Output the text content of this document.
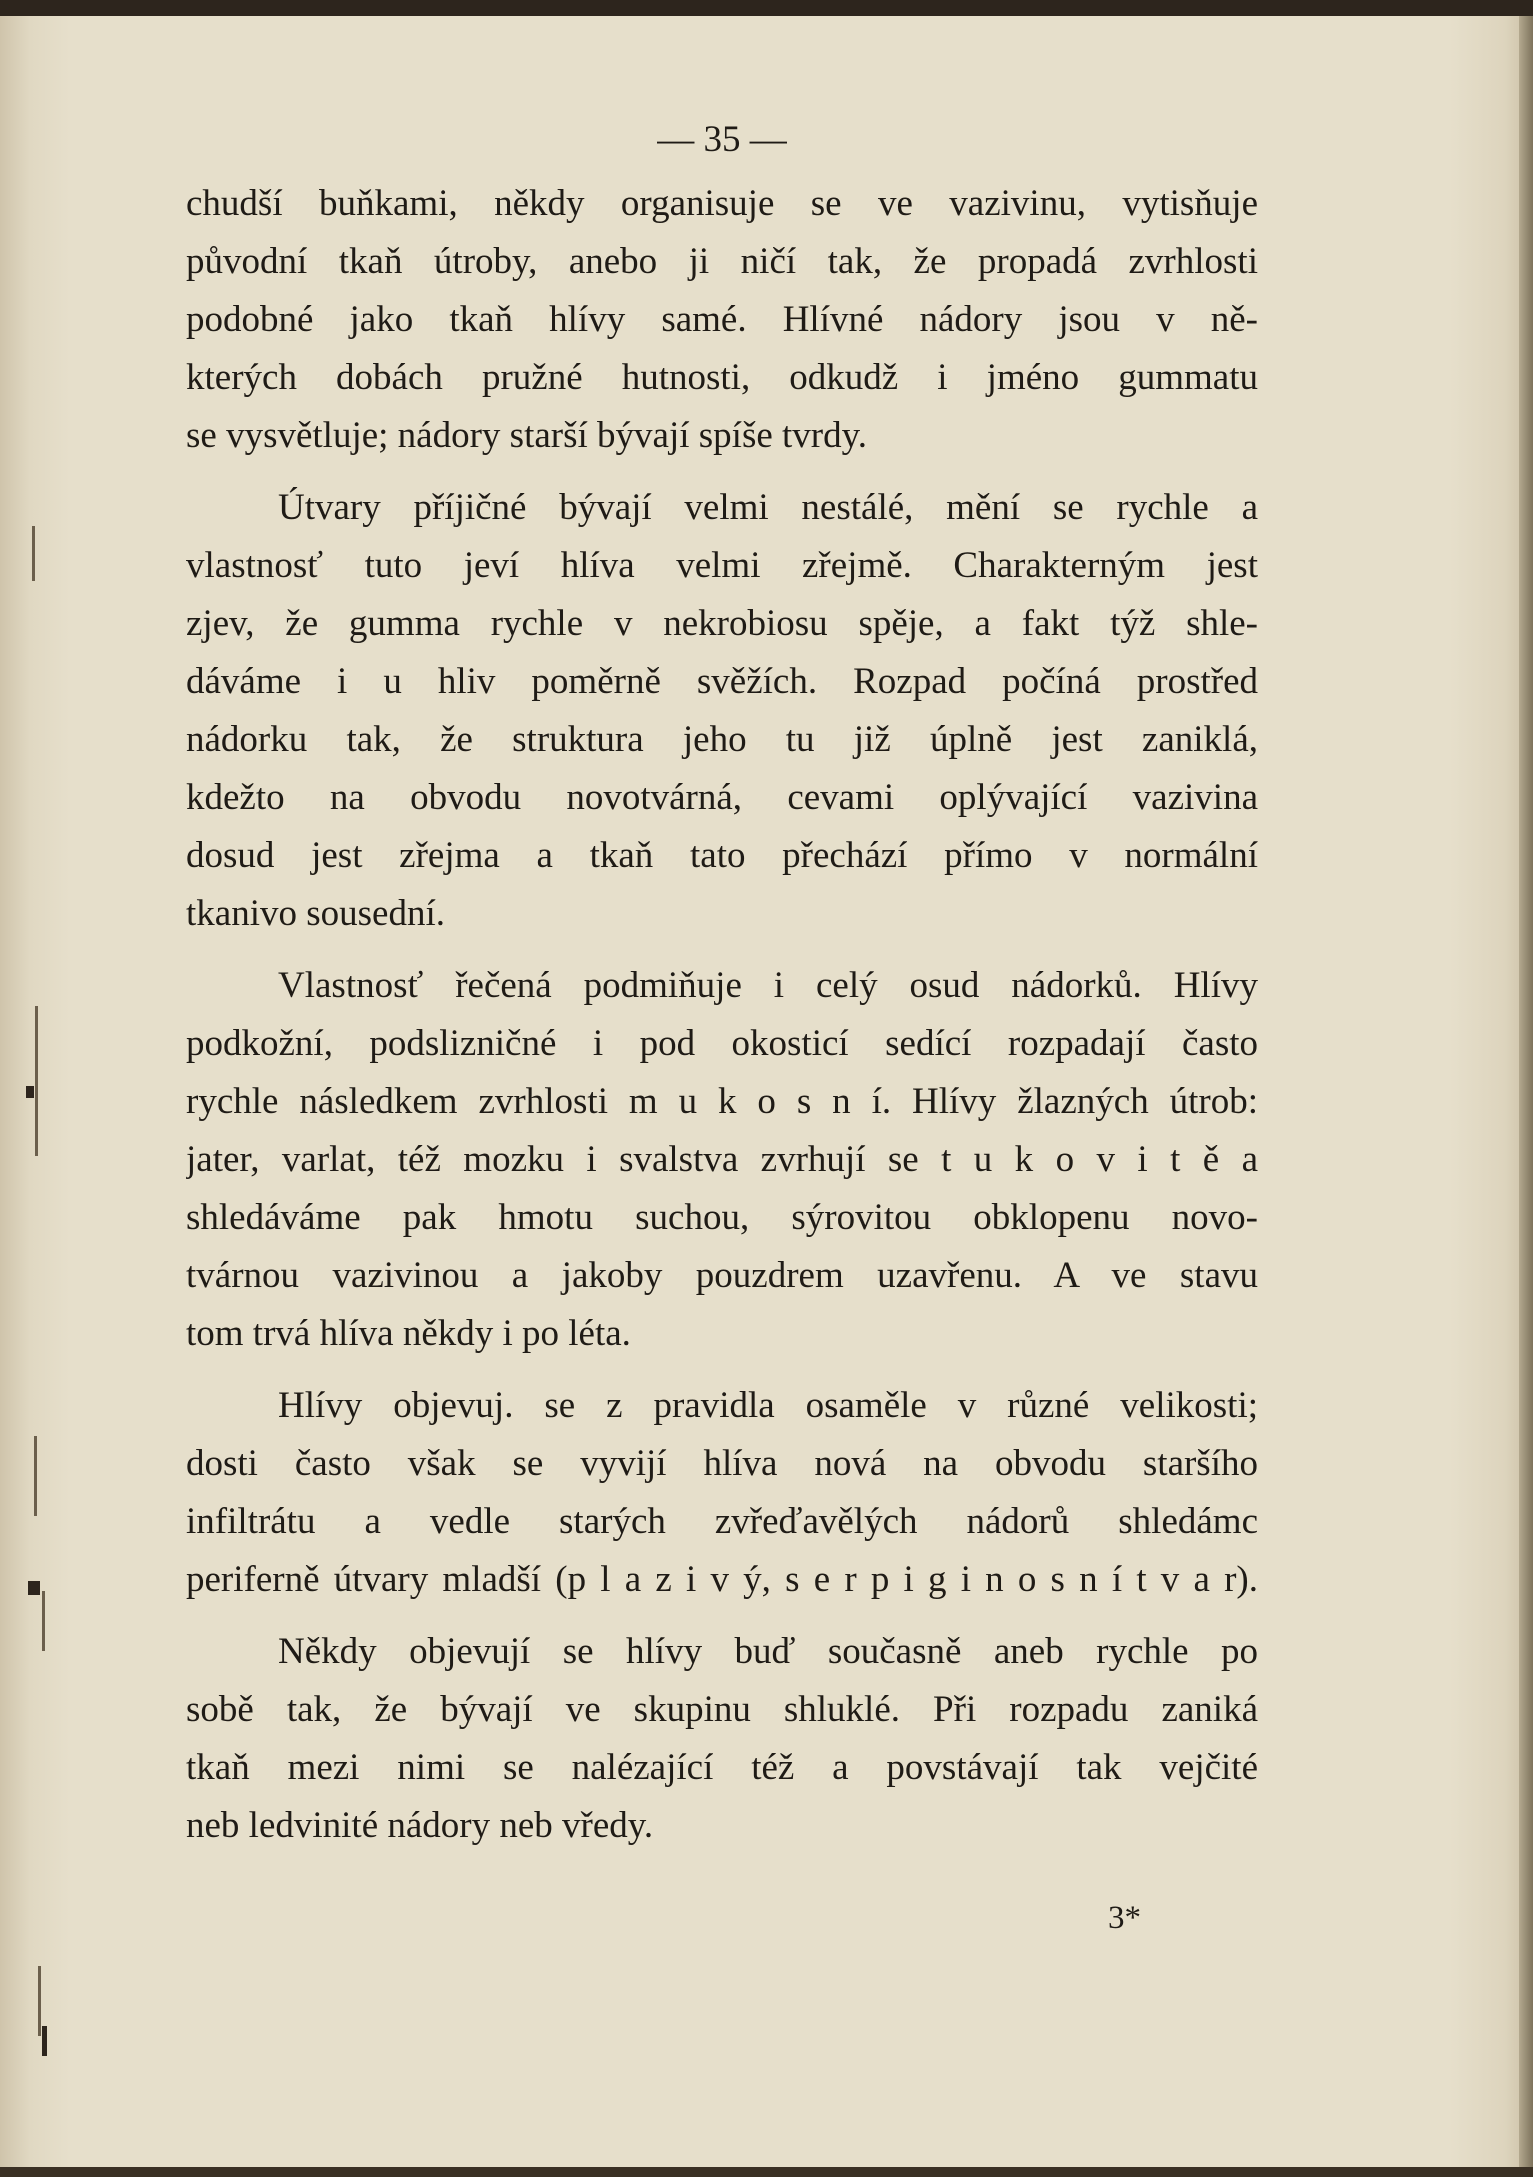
— 35 —
chudší buňkami, někdy organisuje se ve vazivinu, vytisňuje
původní tkaň útroby, anebo ji ničí tak, že propadá zvrhlosti
podobné jako tkaň hlívy samé. Hlívné nádory jsou v ně-
kterých dobách pružné hutnosti, odkudž i jméno gummatu
se vysvětluje; nádory starší bývají spíše tvrdy.
Útvary příjičné bývají velmi nestálé, mění se rychle a
vlastnosť tuto jeví hlíva velmi zřejmě. Charakterným jest
zjev, že gumma rychle v nekrobiosu spěje, a fakt týž shle-
dáváme i u hliv poměrně svěžích. Rozpad počíná prostřed
nádorku tak, že struktura jeho tu již úplně jest zaniklá,
kdežto na obvodu novotvárná, cevami oplývající vazivina
dosud jest zřejma a tkaň tato přechází přímo v normální
tkanivo sousední.
Vlastnosť řečená podmiňuje i celý osud nádorků. Hlívy
podkožní, podslizničné i pod okosticí sedící rozpadají často
rychle následkem zvrhlosti m u k o s n í. Hlívy žlazných útrob:
jater, varlat, též mozku i svalstva zvrhují se t u k o v i t ě a
shledáváme pak hmotu suchou, sýrovitou obklopenu novo-
tvárnou vazivinou a jakoby pouzdrem uzavřenu. A ve stavu
tom trvá hlíva někdy i po léta.
Hlívy objevuj. se z pravidla osaměle v různé velikosti;
dosti často však se vyvijí hlíva nová na obvodu staršího
infiltrátu a vedle starých zvřeďavělých nádorů shledámc
periferně útvary mladší (p l a z i v ý, s e r p i g i n o s n í t v a r).
Někdy objevují se hlívy buď současně aneb rychle po
sobě tak, že bývají ve skupinu shluklé. Při rozpadu zaniká
tkaň mezi nimi se nalézající též a povstávají tak vejčité
neb ledvinité nádory neb vředy.
3*
